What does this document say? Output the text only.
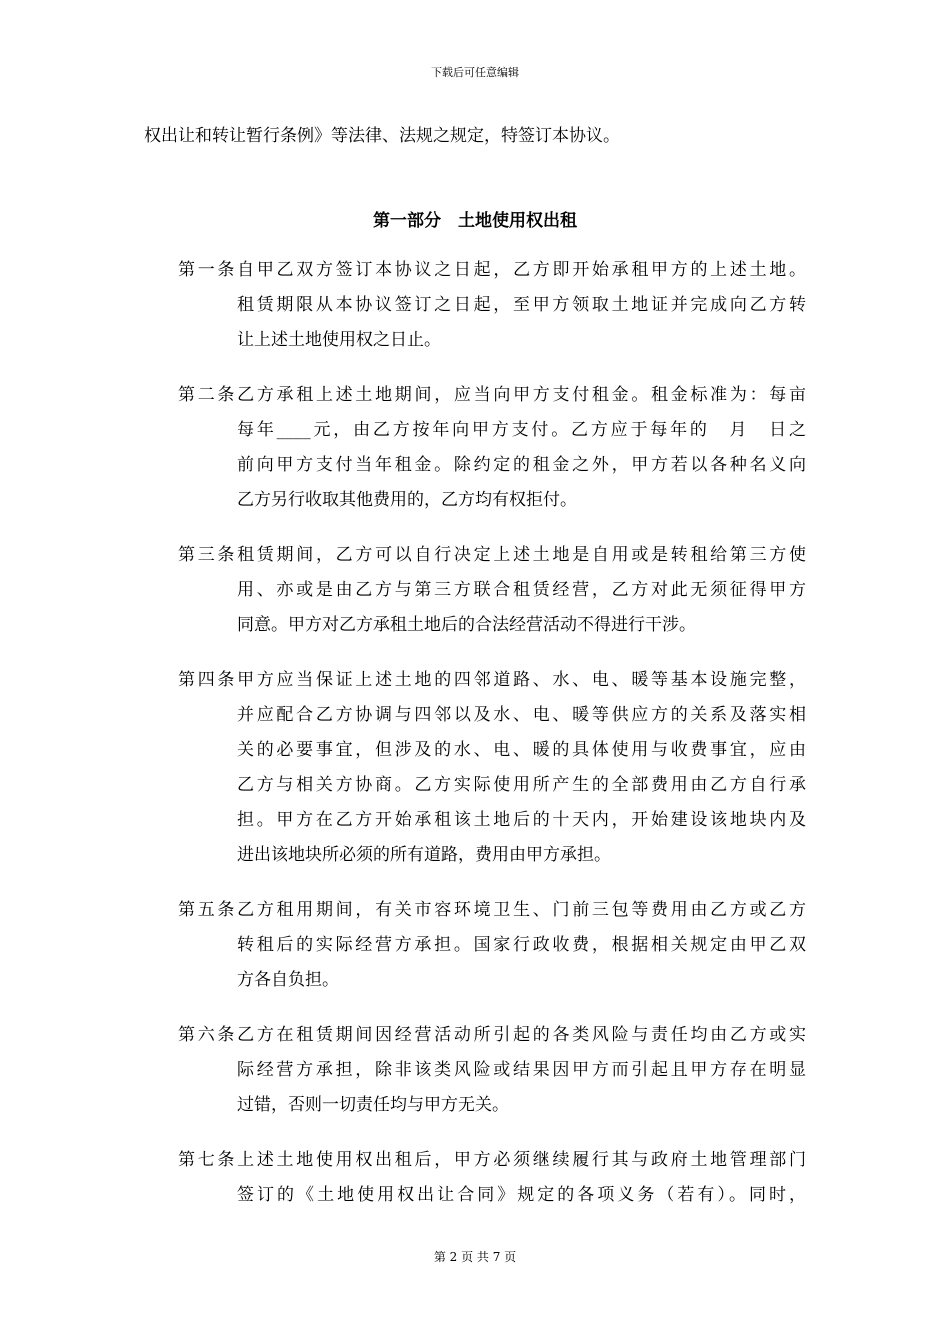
下载后可任意编辑
权出让和转让暂行条例》等法律、法规之规定，特签订本协议。
第一部分　土地使用权出租
第一条自甲乙双方签订本协议之日起，乙方即开始承租甲方的上述土地。
租赁期限从本协议签订之日起，至甲方领取土地证并完成向乙方转
让上述土地使用权之日止。
第二条乙方承租上述土地期间，应当向甲方支付租金。租金标准为：每亩
每年____元，由乙方按年向甲方支付。乙方应于每年的　月　日之
前向甲方支付当年租金。除约定的租金之外，甲方若以各种名义向
乙方另行收取其他费用的，乙方均有权拒付。
第三条租赁期间，乙方可以自行决定上述土地是自用或是转租给第三方使
用、亦或是由乙方与第三方联合租赁经营，乙方对此无须征得甲方
同意。甲方对乙方承租土地后的合法经营活动不得进行干涉。
第四条甲方应当保证上述土地的四邻道路、水、电、暖等基本设施完整，
并应配合乙方协调与四邻以及水、电、暖等供应方的关系及落实相
关的必要事宜，但涉及的水、电、暖的具体使用与收费事宜，应由
乙方与相关方协商。乙方实际使用所产生的全部费用由乙方自行承
担。甲方在乙方开始承租该土地后的十天内，开始建设该地块内及
进出该地块所必须的所有道路，费用由甲方承担。
第五条乙方租用期间，有关市容环境卫生、门前三包等费用由乙方或乙方
转租后的实际经营方承担。国家行政收费，根据相关规定由甲乙双
方各自负担。
第六条乙方在租赁期间因经营活动所引起的各类风险与责任均由乙方或实
际经营方承担，除非该类风险或结果因甲方而引起且甲方存在明显
过错，否则一切责任均与甲方无关。
第七条上述土地使用权出租后，甲方必须继续履行其与政府土地管理部门
签订的《土地使用权出让合同》规定的各项义务（若有）。同时，
第 2 页 共 7 页
